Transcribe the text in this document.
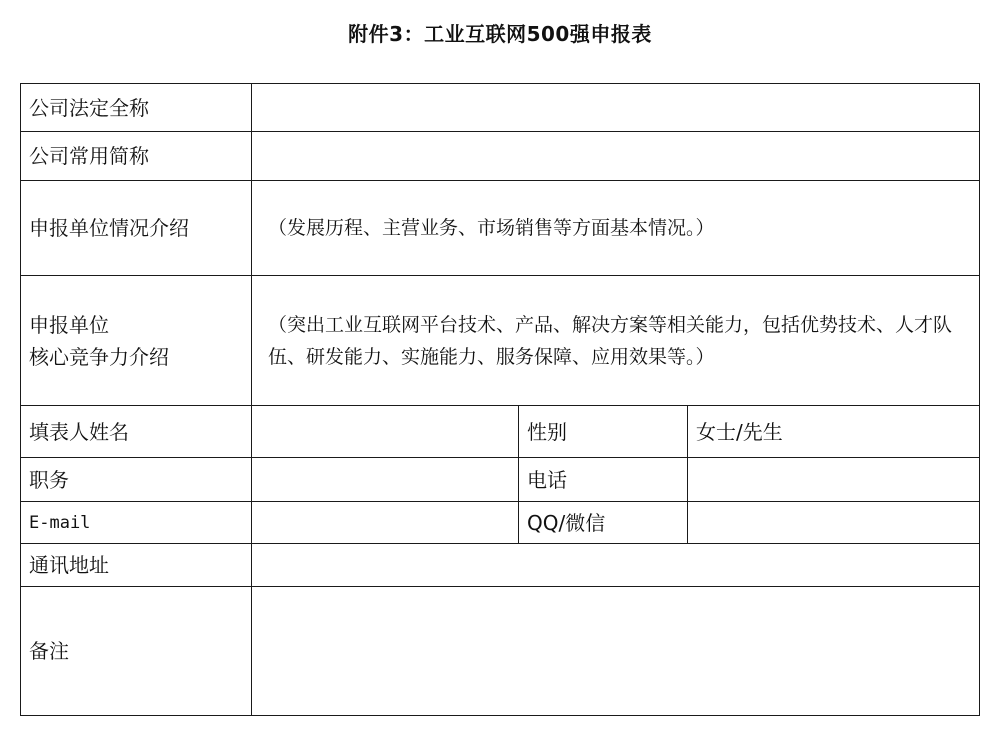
附件3：工业互联网500强申报表
公司法定全称			
公司常用简称			
申报单位情况介绍	（发展历程、主营业务、市场销售等方面基本情况。）		

申报单位
核心竞争力介绍	（突出工业互联网平台技术、产品、解决方案等相关能力，包括优势技术、人才队伍、研发能力、实施能力、服务保障、应用效果等。）		
填表人姓名		性别	女士/先生
职务		电话	
E-mail		QQ/微信	
通讯地址			
备注			
